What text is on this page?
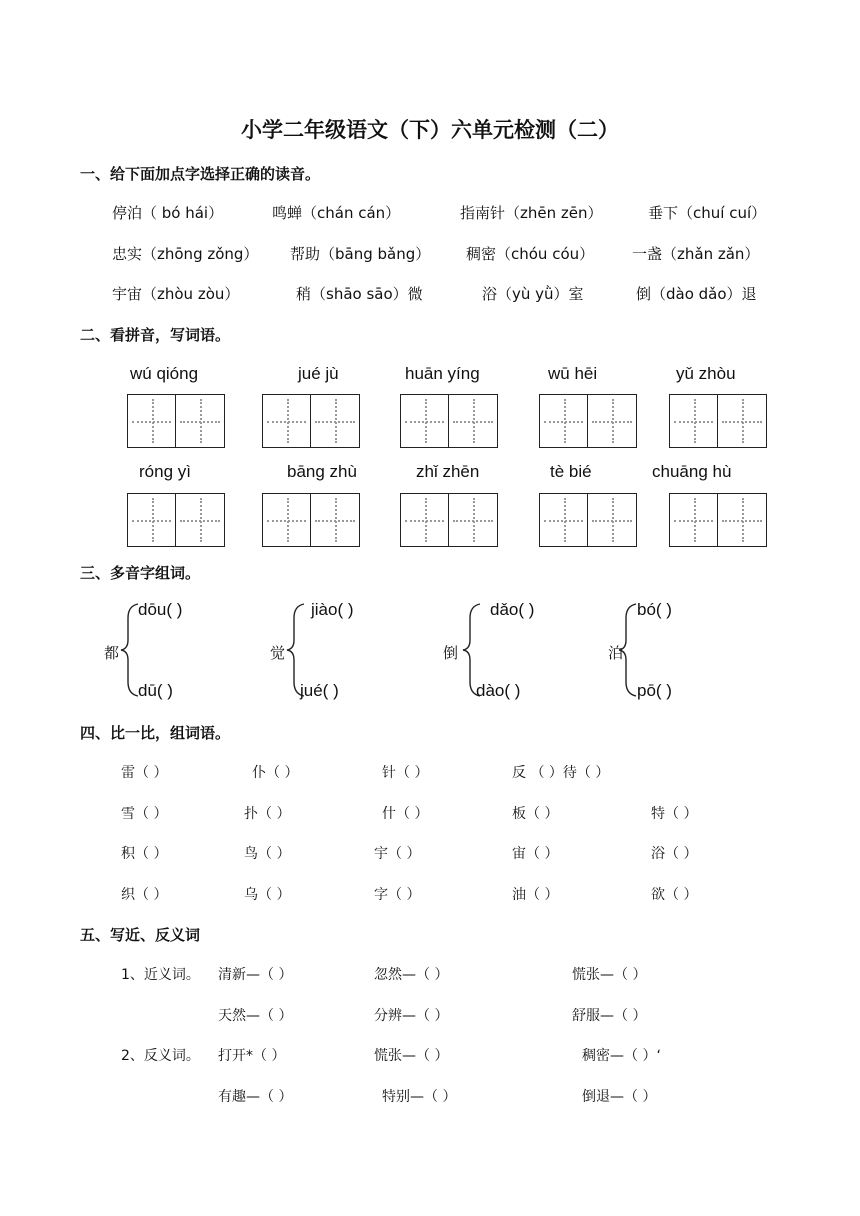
小学二年级语文（下）六单元检测（二）
一、给下面加点字选择正确的读音。
停泊（ bó hái）	鸣蝉（chán cán）	指南针（zhēn zēn）	垂下（chuí cuí）
忠实（zhōng zǒng） 帮助（bāng bǎng） 稠密（chóu cóu）	一盏（zhǎn zǎn）
宇宙（zhòu zòu）	稍（shāo sāo）微	浴（yù yǜ）室	倒（dào dǎo）退
二、看拼音，写词语。
wú qióng	jué jù	huān yíng	wū hēi	yǔ zhòu
róng yì	bāng zhù	zhǐ zhēn	tè bié	chuāng hù
三、多音字组词。
都
dōu( )
dū( )
觉
jiào( )
jué( )
倒
dǎo( )
dào( )
泊
bó( )
pō( )
四、比一比，组词语。
雷（ ）	仆（ ）	针（ ）	反 （ ）待（ ）
雪（ ）	扑（ ）	什（ ）	板（ ）	特（ ）
积（ ）	鸟（ ）	宇（ ）	宙（ ）	浴（ ）
织（ ）	乌（ ）	字（ ）	油（ ）	欲（ ）
五、写近、反义词
1、近义词。 清新—（ ）	忽然—（ ）	慌张—（ ）
天然—（ ）	分辨—（ ）	舒服—（ ）
2、反义词。 打开*（ ）	慌张—（ ）	稠密—（ ）‘
有趣—（ ）	特别—（ ）	倒退—（ ）
